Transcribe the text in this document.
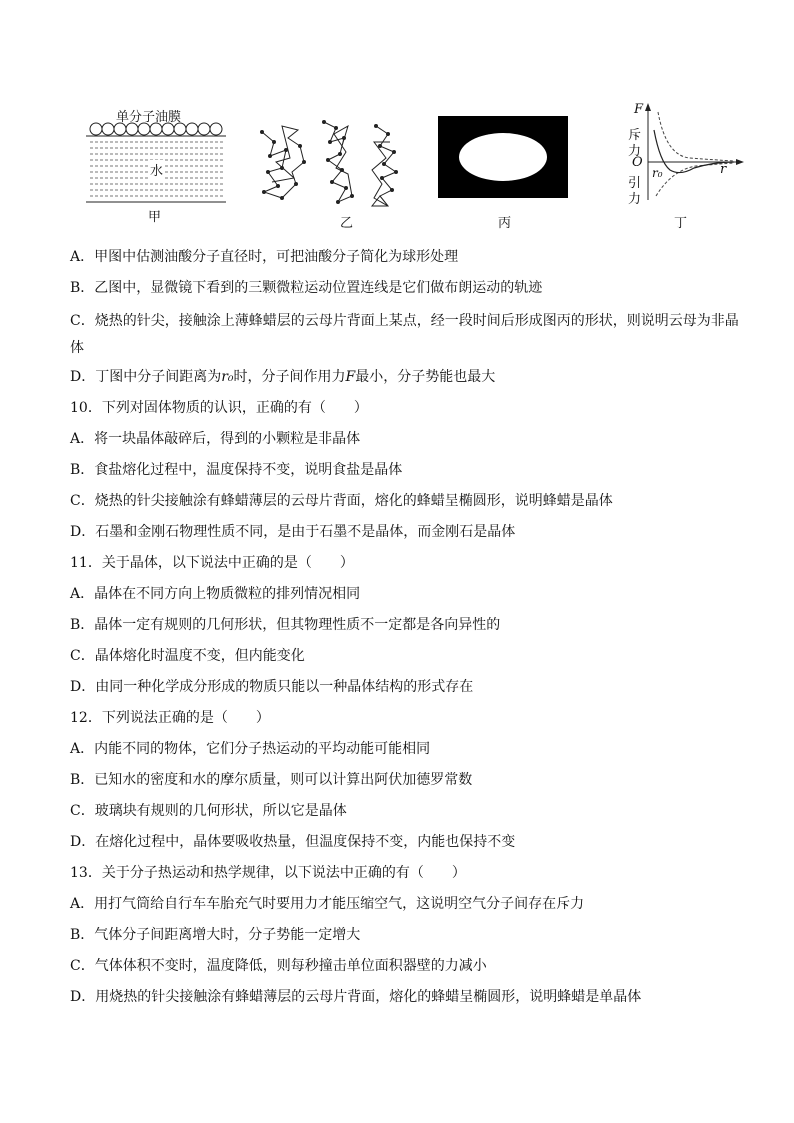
单分子油膜
水
甲	乙	丙
F
斥
力
O
r₀
引
力
r
丁
A．甲图中估测油酸分子直径时，可把油酸分子简化为球形处理
B．乙图中，显微镜下看到的三颗微粒运动位置连线是它们做布朗运动的轨迹
C．烧热的针尖，接触涂上薄蜂蜡层的云母片背面上某点，经一段时间后形成图丙的形状，则说明云母为非晶体
D．丁图中分子间距离为r₀时，分子间作用力F最小，分子势能也最大
10．下列对固体物质的认识，正确的有（　　）
A．将一块晶体敲碎后，得到的小颗粒是非晶体
B．食盐熔化过程中，温度保持不变，说明食盐是晶体
C．烧热的针尖接触涂有蜂蜡薄层的云母片背面，熔化的蜂蜡呈椭圆形，说明蜂蜡是晶体
D．石墨和金刚石物理性质不同，是由于石墨不是晶体，而金刚石是晶体
11．关于晶体，以下说法中正确的是（　　）
A．晶体在不同方向上物质微粒的排列情况相同
B．晶体一定有规则的几何形状，但其物理性质不一定都是各向异性的
C．晶体熔化时温度不变，但内能变化
D．由同一种化学成分形成的物质只能以一种晶体结构的形式存在
12．下列说法正确的是（　　）
A．内能不同的物体，它们分子热运动的平均动能可能相同
B．已知水的密度和水的摩尔质量，则可以计算出阿伏加德罗常数
C．玻璃块有规则的几何形状，所以它是晶体
D．在熔化过程中，晶体要吸收热量，但温度保持不变，内能也保持不变
13．关于分子热运动和热学规律，以下说法中正确的有（　　）
A．用打气筒给自行车车胎充气时要用力才能压缩空气，这说明空气分子间存在斥力
B．气体分子间距离增大时，分子势能一定增大
C．气体体积不变时，温度降低，则每秒撞击单位面积器壁的力减小
D．用烧热的针尖接触涂有蜂蜡薄层的云母片背面，熔化的蜂蜡呈椭圆形，说明蜂蜡是单晶体
